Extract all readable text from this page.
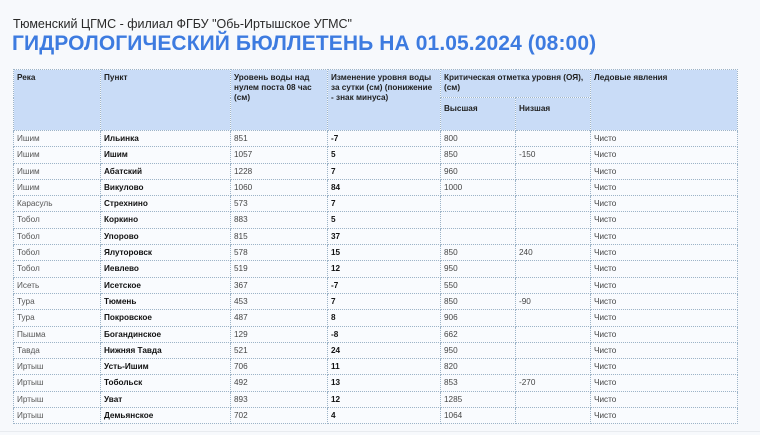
Тюменский ЦГМС - филиал ФГБУ "Обь-Иртышское УГМС"
ГИДРОЛОГИЧЕСКИЙ БЮЛЛЕТЕНЬ НА 01.05.2024 (08:00)
Река	Пункт	Уровень воды над нулем поста 08 час (см)	Изменение уровня воды за сутки (см) (понижение - знак минуса)	Критическая отметка уровня (ОЯ), (см)		Ледовые явления
				Высшая	Низшая	
Ишим	Ильинка	851	-7	800		Чисто
Ишим	Ишим	1057	5	850	-150	Чисто
Ишим	Абатский	1228	7	960		Чисто
Ишим	Викулово	1060	84	1000		Чисто
Карасуль	Стрехнино	573	7			Чисто
Тобол	Коркино	883	5			Чисто
Тобол	Упорово	815	37			Чисто
Тобол	Ялуторовск	578	15	850	240	Чисто
Тобол	Иевлево	519	12	950		Чисто
Исеть	Исетское	367	-7	550		Чисто
Тура	Тюмень	453	7	850	-90	Чисто
Тура	Покровское	487	8	906		Чисто
Пышма	Богандинское	129	-8	662		Чисто
Тавда	Нижняя Тавда	521	24	950		Чисто
Иртыш	Усть-Ишим	706	11	820		Чисто
Иртыш	Тобольск	492	13	853	-270	Чисто
Иртыш	Уват	893	12	1285		Чисто
Иртыш	Демьянское	702	4	1064		Чисто
